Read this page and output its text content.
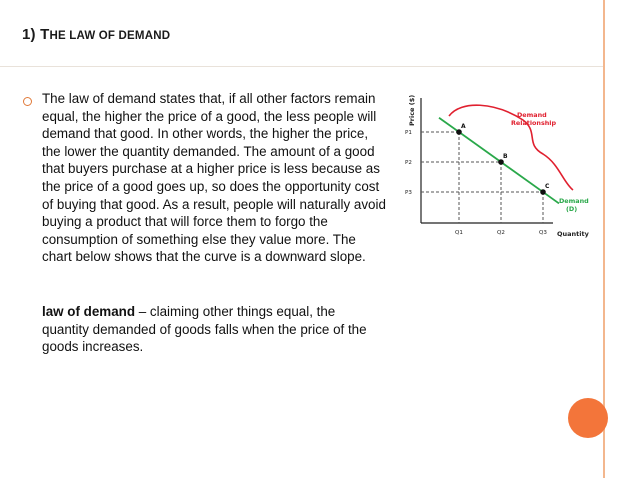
1) THE LAW OF DEMAND
The law of demand states that, if all other factors remain equal, the higher the price of a good, the less people will demand that good. In other words, the higher the price, the lower the quantity demanded. The amount of a good that buyers purchase at a higher price is less because as the price of a good goes up, so does the opportunity cost of buying that good. As a result, people will naturally avoid buying a product that will force them to forgo the consumption of something else they value more. The chart below shows that the curve is a downward slope.
law of demand – claiming other things equal, the quantity demanded of goods falls when the price of the goods increases.
Price ($)
Quantity
A
B
C
P1
P2
P3
Q1	Q2	Q3
Demand
Relationship
Demand
(D)
